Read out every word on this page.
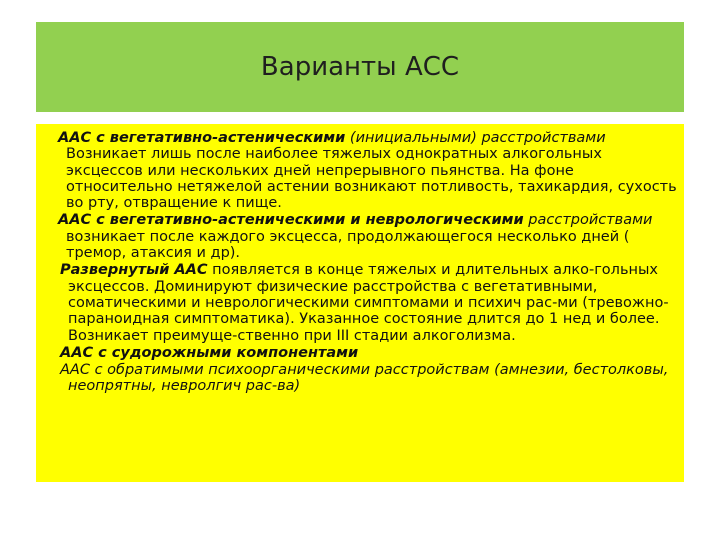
Варианты АСС

ААС с вегетативно-астеническими (инициальными) расстройствами Возникает лишь после наиболее тяжелых однократных алкогольных эксцессов или нескольких дней непрерывного пьянства. На фоне относительно нетяжелой астении возникают потливость, тахикардия, сухость во рту, отвращение к пище.

ААС с вегетативно-астеническими и неврологическими расстройствами возникает после каждого эксцесса, продолжающегося несколько дней ( тремор, атаксия и др).

Развернутый ААС появляется в конце тяжелых и длительных алко-гольных эксцессов. Доминируют физические расстройства с вегетативными, соматическими и неврологическими симптомами и психич рас-ми (тревожно-параноидная симптоматика). Указанное состояние длится до 1 нед и более. Возникает преимуще-ственно при III стадии алкоголизма.

ААС с судорожными компонентами

ААС с обратимыми психоорганическими расстройствам (амнезии, бестолковы, неопрятны, невролгич рас-ва)
